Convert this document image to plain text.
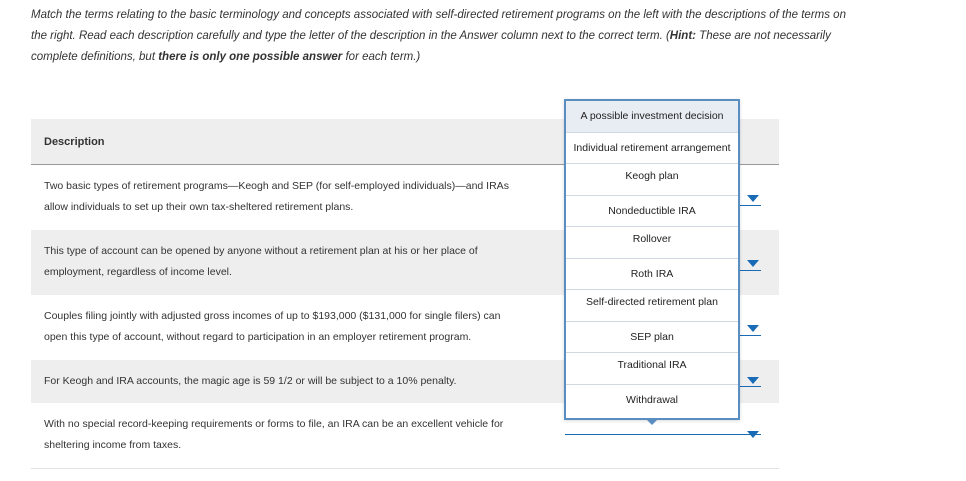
Match the terms relating to the basic terminology and concepts associated with self-directed retirement programs on the left with the descriptions of the terms on the right. Read each description carefully and type the letter of the description in the Answer column next to the correct term. (Hint: These are not necessarily complete definitions, but there is only one possible answer for each term.)
Description
Two basic types of retirement programs—Keogh and SEP (for self-employed individuals)—and IRAs
allow individuals to set up their own tax-sheltered retirement plans.
This type of account can be opened by anyone without a retirement plan at his or her place of
employment, regardless of income level.
Couples filing jointly with adjusted gross incomes of up to $193,000 ($131,000 for single filers) can
open this type of account, without regard to participation in an employer retirement program.
For Keogh and IRA accounts, the magic age is 59 1/2 or will be subject to a 10% penalty.
With no special record-keeping requirements or forms to file, an IRA can be an excellent vehicle for
sheltering income from taxes.
A possible investment decision
Individual retirement arrangement
Keogh plan
Nondeductible IRA
Rollover
Roth IRA
Self-directed retirement plan
SEP plan
Traditional IRA
Withdrawal
